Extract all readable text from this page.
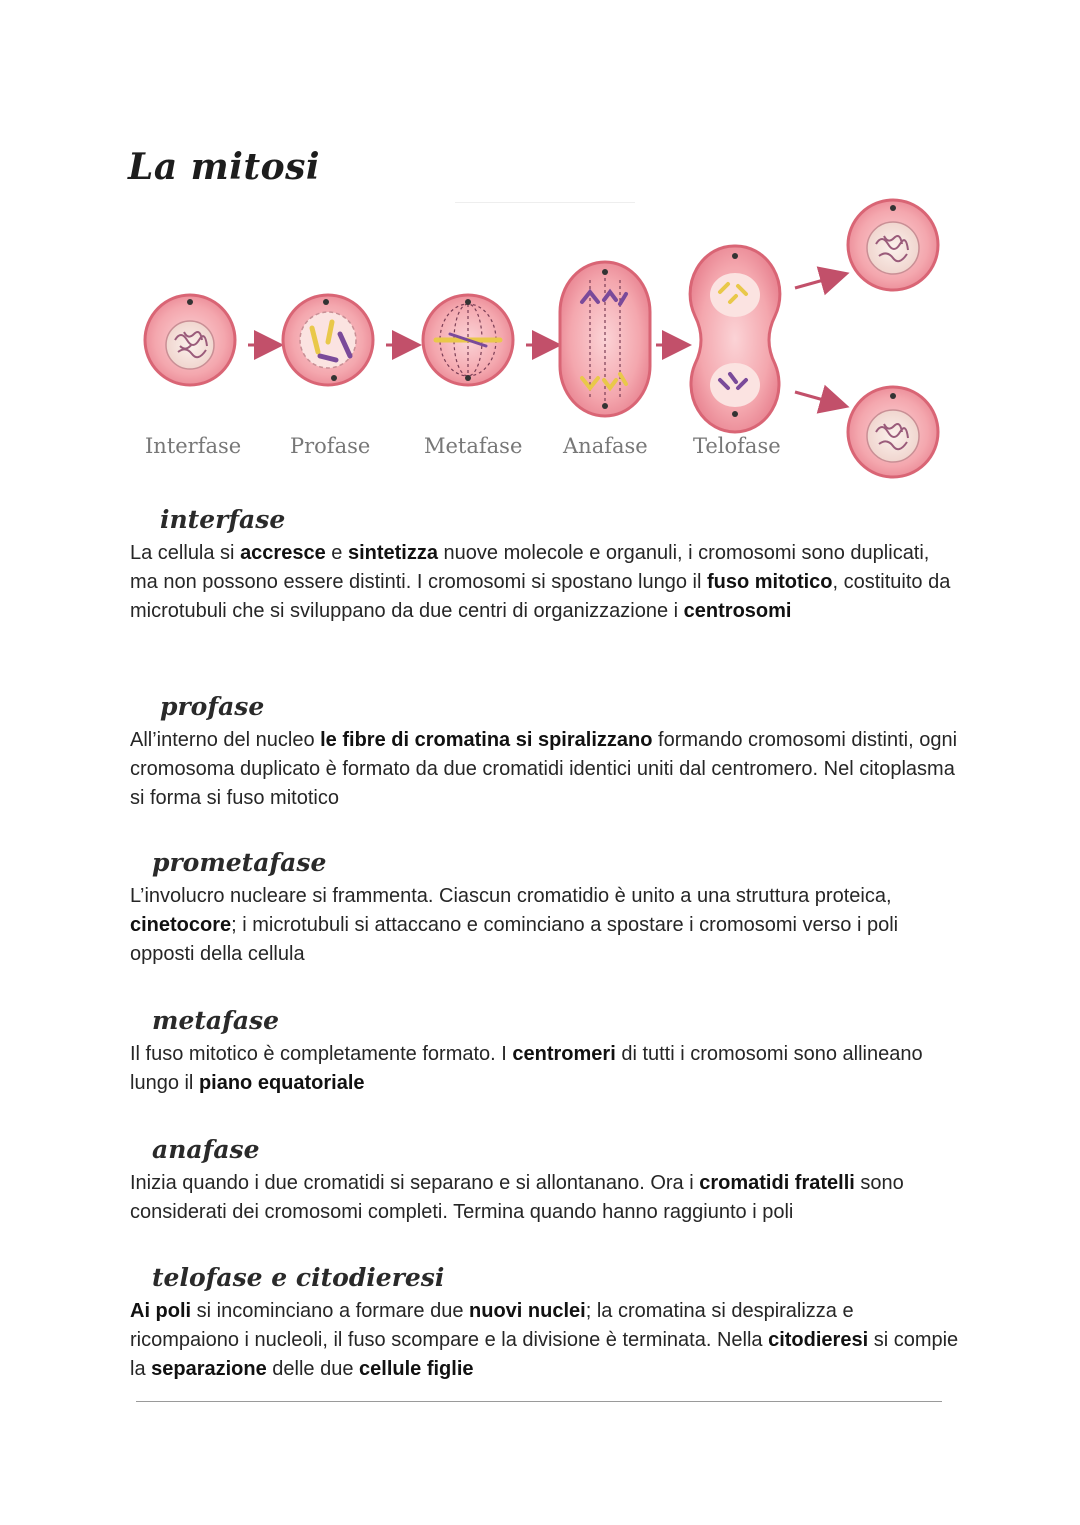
La mitosi
Interfase Profase	Metafase Anafase Telofase
interfase

La cellula si accresce e sintetizza nuove molecole e organuli, i cromosomi sono duplicati, ma non possono essere distinti. I cromosomi si spostano lungo il fuso mitotico, costituito da microtubuli che si sviluppano da due centri di organizzazione i centrosomi

profase

All’interno del nucleo le fibre di cromatina si spiralizzano formando cromosomi distinti, ogni cromosoma duplicato è formato da due cromatidi identici uniti dal centromero. Nel citoplasma si forma si fuso mitotico

prometafase

L’involucro nucleare si frammenta. Ciascun cromatidio è unito a una struttura proteica, cinetocore; i microtubuli si attaccano e cominciano a spostare i cromosomi verso i poli opposti della cellula

metafase

Il fuso mitotico è completamente formato. I centromeri di tutti i cromosomi sono allineano lungo il piano equatoriale

anafase

Inizia quando i due cromatidi si separano e si allontanano. Ora i cromatidi fratelli sono considerati dei cromosomi completi. Termina quando hanno raggiunto i poli

telofase e citodieresi

Ai poli si incominciano a formare due nuovi nuclei; la cromatina si despiralizza e ricompaiono i nucleoli, il fuso scompare e la divisione è terminata. Nella citodieresi si compie la separazione delle due cellule figlie
